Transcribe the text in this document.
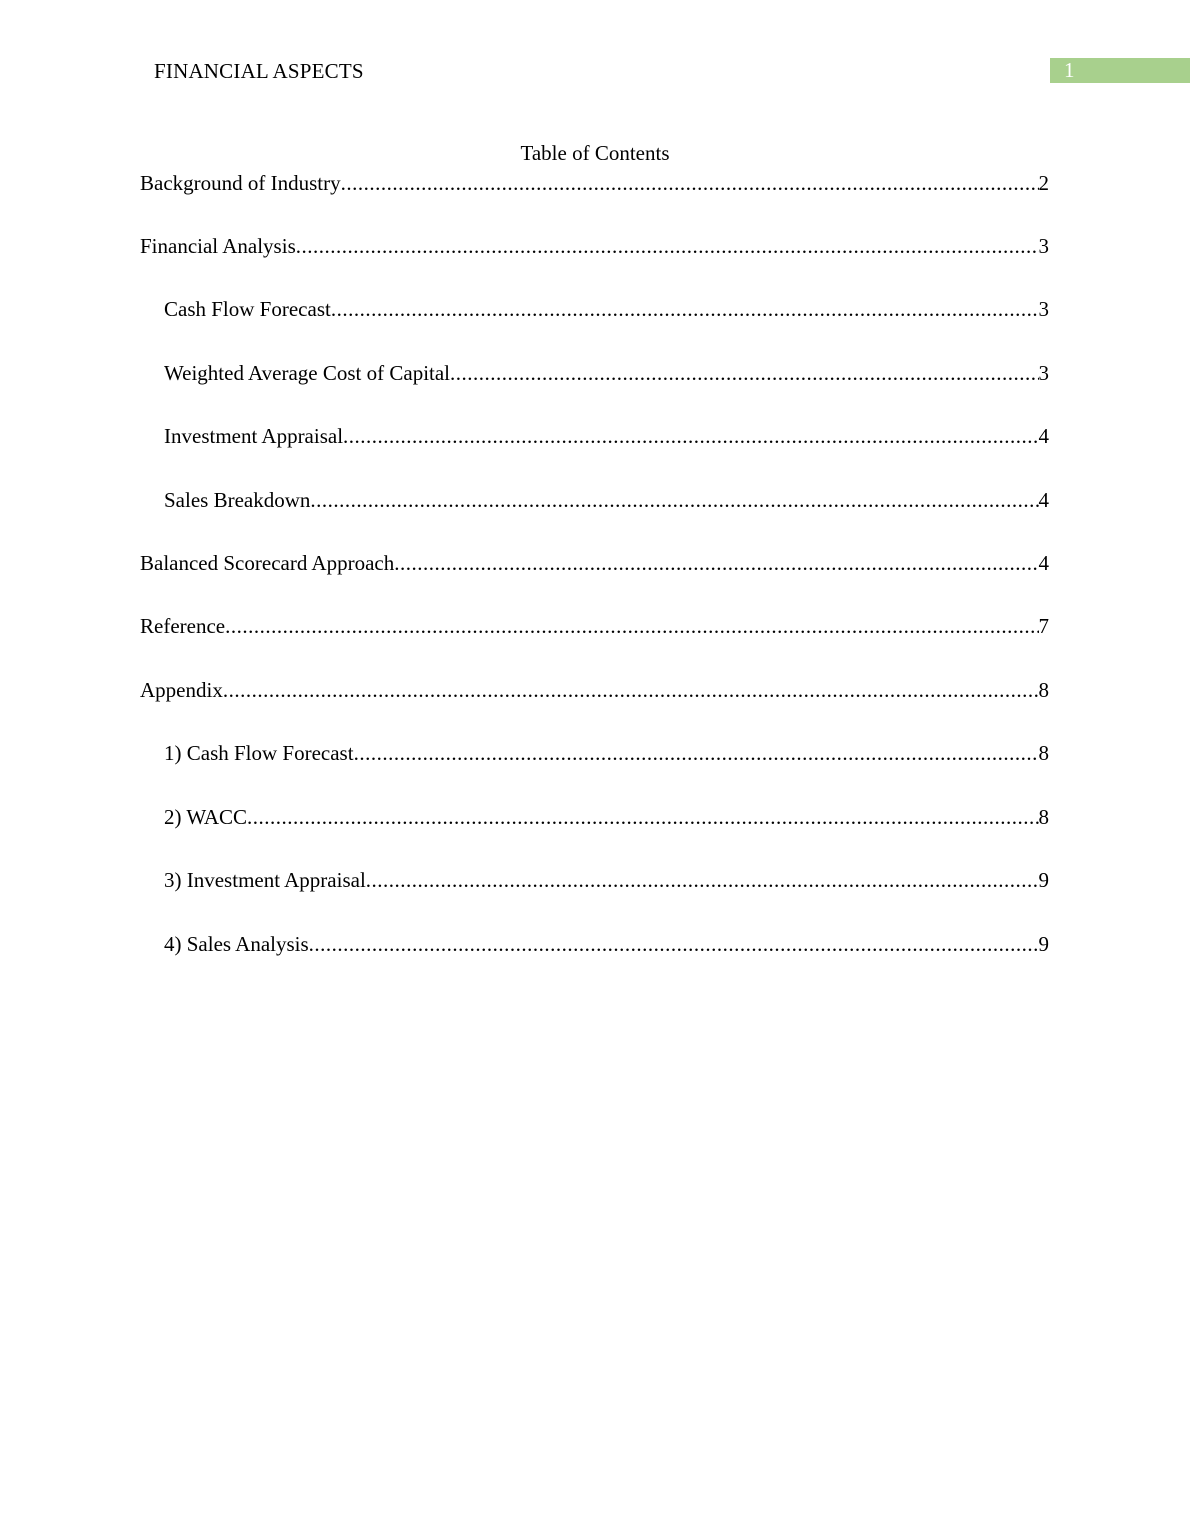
FINANCIAL ASPECTS	1
Table of Contents
Background of Industry .....	2
Financial Analysis .....	3
Cash Flow Forecast .....	3
Weighted Average Cost of Capital .....	3
Investment Appraisal .....	4
Sales Breakdown .....	4
Balanced Scorecard Approach .....	4
Reference .....	7
Appendix .....	8
1) Cash Flow Forecast .....	8
2) WACC .....	8
3) Investment Appraisal .....	9
4) Sales Analysis .....	9
